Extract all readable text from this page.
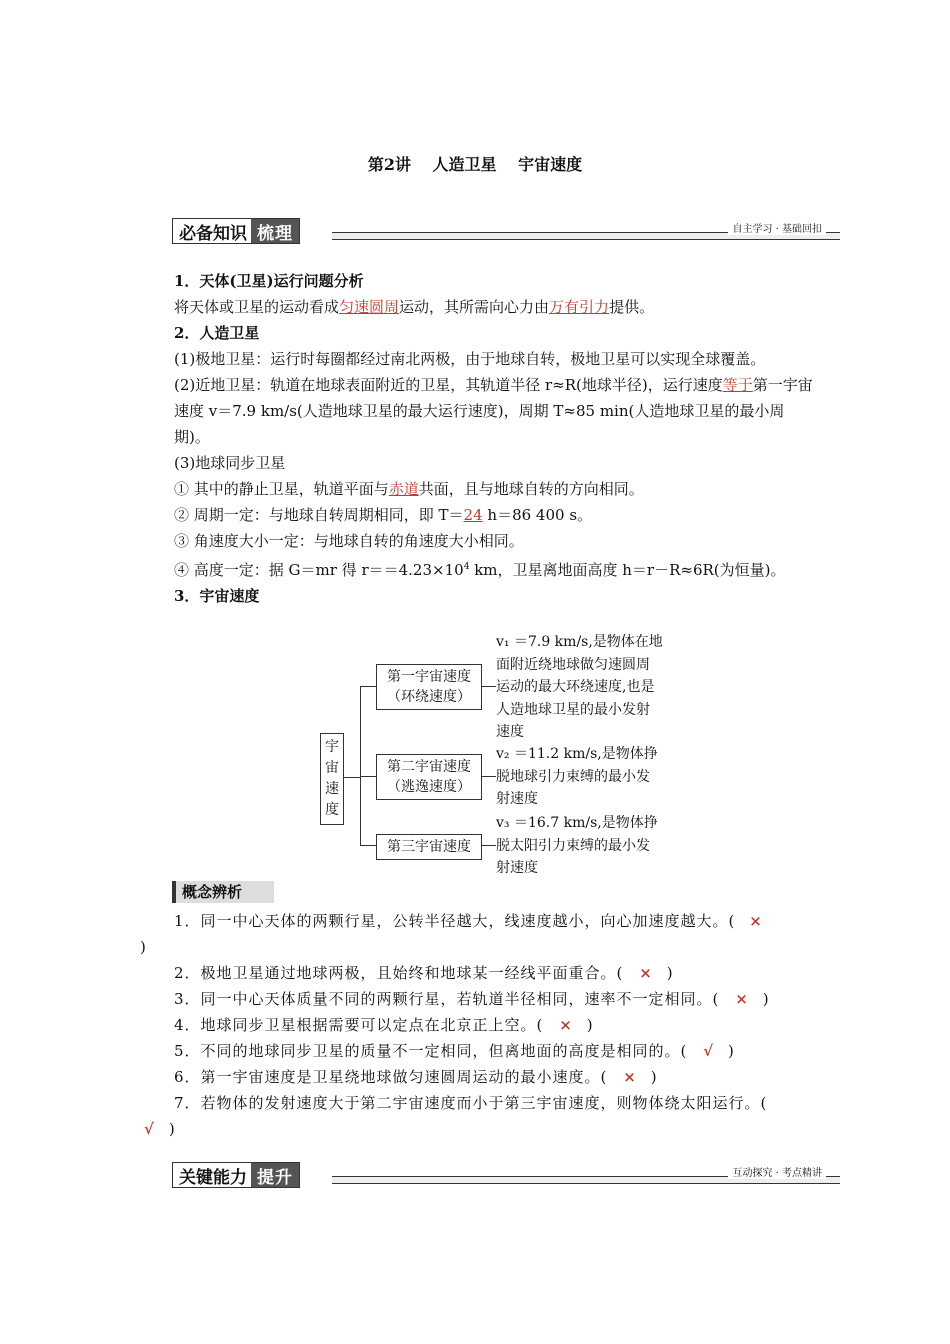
第2讲 人造卫星 宇宙速度
必备知识 梳理	自主学习 · 基础回扣
1．天体(卫星)运行问题分析
将天体或卫星的运动看成匀速圆周运动，其所需向心力由万有引力提供。
2．人造卫星
(1)极地卫星：运行时每圈都经过南北两极，由于地球自转，极地卫星可以实现全球覆盖。
(2)近地卫星：轨道在地球表面附近的卫星，其轨道半径 r≈R(地球半径)，运行速度等于第一宇宙速度 v＝7.9 km/s(人造地球卫星的最大运行速度)，周期 T≈85 min(人造地球卫星的最小周期)。
(3)地球同步卫星
① 其中的静止卫星，轨道平面与赤道共面，且与地球自转的方向相同。
② 周期一定：与地球自转周期相同，即 T＝24 h＝86 400 s。
③ 角速度大小一定：与地球自转的角速度大小相同。
④ 高度一定：据 G＝mr 得 $r==4.23\times 10^4$ km，卫星离地面高度 h＝r－R≈6R(为恒量)。
3．宇宙速度
宇
宙
速
度
第一宇宙速度
（环绕速度）
第二宇宙速度
（逃逸速度）
第三宇宙速度
v₁ ＝7.9 km/s,是物体在地
面附近绕地球做匀速圆周
运动的最大环绕速度,也是
人造地球卫星的最小发射
速度
v₂ ＝11.2 km/s,是物体挣
脱地球引力束缚的最小发
射速度
v₃ ＝16.7 km/s,是物体挣
脱太阳引力束缚的最小发
射速度
概念辨析
1．同一中心天体的两颗行星，公转半径越大，线速度越小，向心加速度越大。( ×
)
2．极地卫星通过地球两极，且始终和地球某一经线平面重合。( × )
3．同一中心天体质量不同的两颗行星，若轨道半径相同，速率不一定相同。( × )
4．地球同步卫星根据需要可以定点在北京正上空。( × )
5．不同的地球同步卫星的质量不一定相同，但离地面的高度是相同的。( √ )
6．第一宇宙速度是卫星绕地球做匀速圆周运动的最小速度。( × )
7．若物体的发射速度大于第二宇宙速度而小于第三宇宙速度，则物体绕太阳运行。(
√ )
关键能力 提升	互动探究 · 考点精讲
